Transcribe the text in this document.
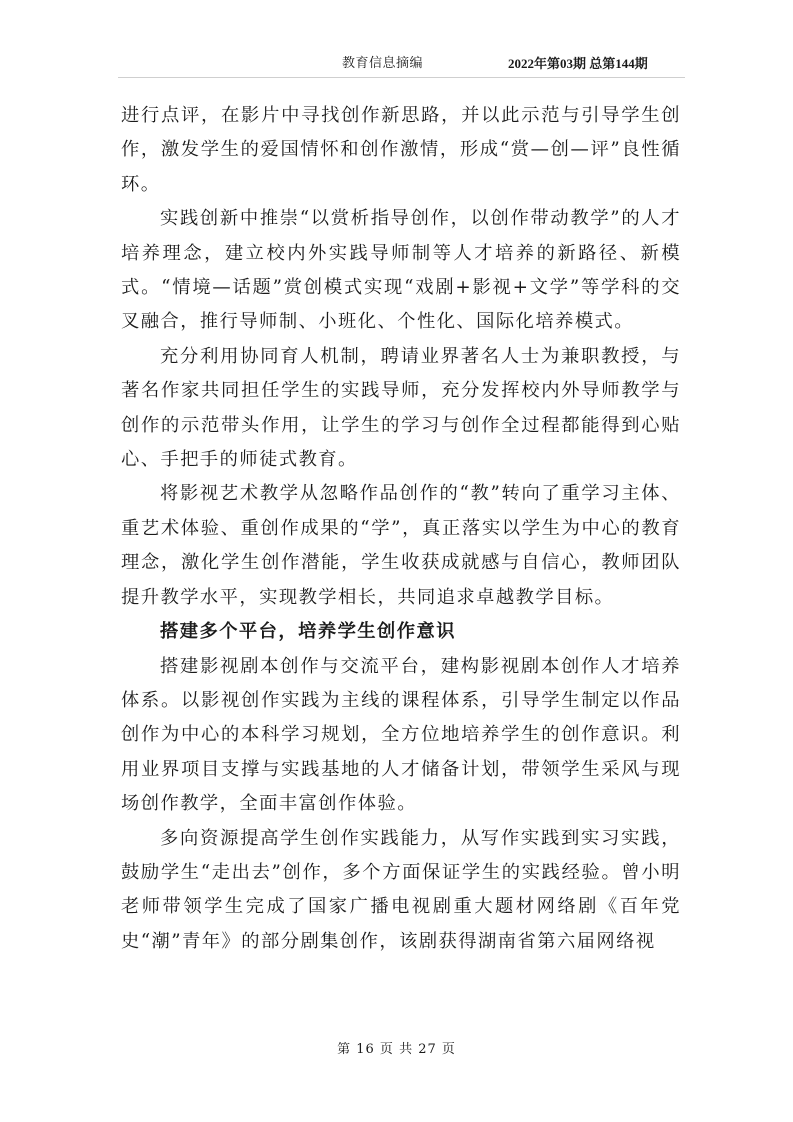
教育信息摘编	2022年第03期 总第144期

进行点评，在影片中寻找创作新思路，并以此示范与引导学生创作，激发学生的爱国情怀和创作激情，形成“赏—创—评”良性循环。

实践创新中推崇“以赏析指导创作，以创作带动教学”的人才培养理念，建立校内外实践导师制等人才培养的新路径、新模式。“情境—话题”赏创模式实现“戏剧+影视+文学”等学科的交叉融合，推行导师制、小班化、个性化、国际化培养模式。

充分利用协同育人机制，聘请业界著名人士为兼职教授，与著名作家共同担任学生的实践导师，充分发挥校内外导师教学与创作的示范带头作用，让学生的学习与创作全过程都能得到心贴心、手把手的师徒式教育。

将影视艺术教学从忽略作品创作的“教”转向了重学习主体、重艺术体验、重创作成果的“学”，真正落实以学生为中心的教育理念，激化学生创作潜能，学生收获成就感与自信心，教师团队提升教学水平，实现教学相长，共同追求卓越教学目标。

搭建多个平台，培养学生创作意识

搭建影视剧本创作与交流平台，建构影视剧本创作人才培养体系。以影视创作实践为主线的课程体系，引导学生制定以作品创作为中心的本科学习规划，全方位地培养学生的创作意识。利用业界项目支撑与实践基地的人才储备计划，带领学生采风与现场创作教学，全面丰富创作体验。

多向资源提高学生创作实践能力，从写作实践到实习实践，鼓励学生“走出去”创作，多个方面保证学生的实践经验。曾小明老师带领学生完成了国家广播电视剧重大题材网络剧《百年党史“潮”青年》的部分剧集创作，该剧获得湖南省第六届网络视

第 16 页 共 27 页
